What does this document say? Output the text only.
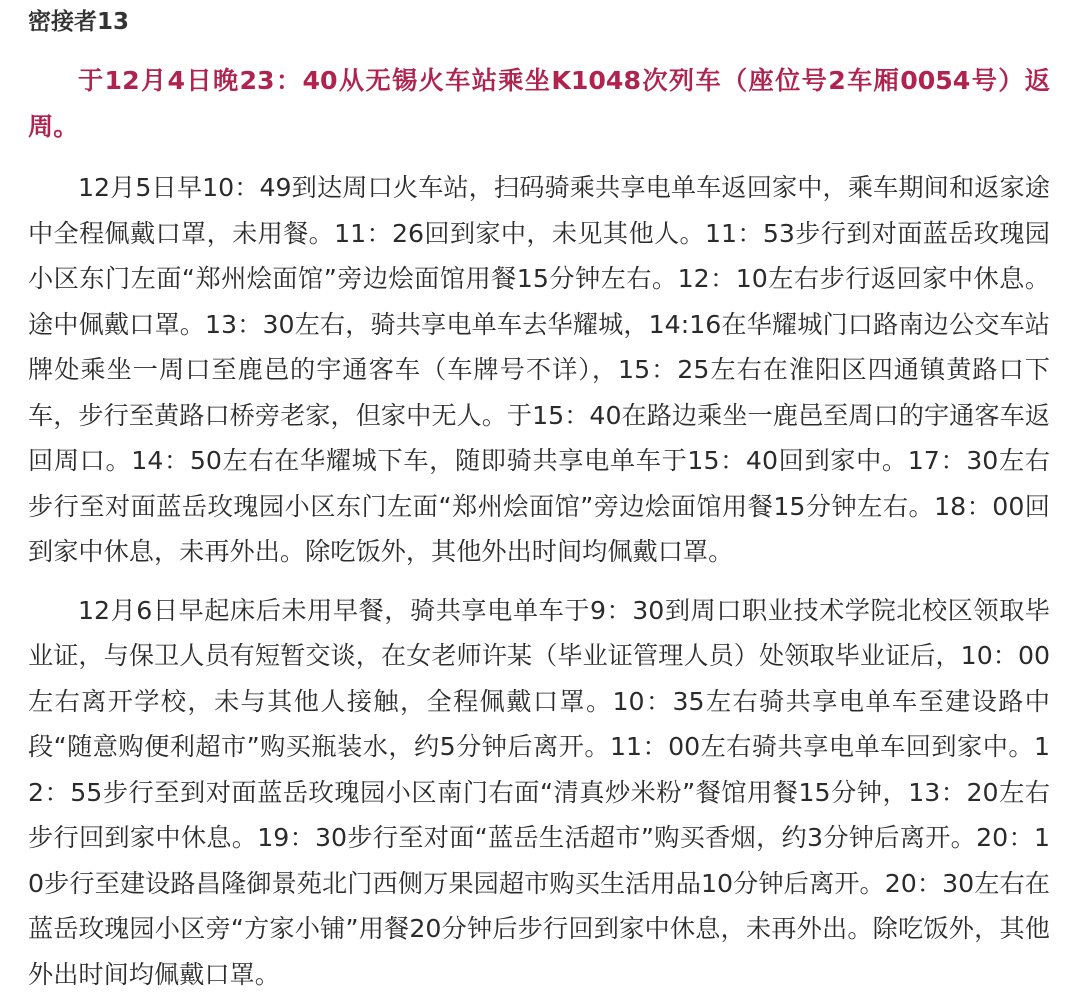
密接者13

于12月4日晚23：40从无锡火车站乘坐K1048次列车（座位号2车厢0054号）返周。

12月5日早10：49到达周口火车站，扫码骑乘共享电单车返回家中，乘车期间和返家途中全程佩戴口罩，未用餐。11：26回到家中，未见其他人。11：53步行到对面蓝岳玫瑰园小区东门左面“郑州烩面馆”旁边烩面馆用餐15分钟左右。12：10左右步行返回家中休息。途中佩戴口罩。13：30左右，骑共享电单车去华耀城，14:16在华耀城门口路南边公交车站牌处乘坐一周口至鹿邑的宇通客车（车牌号不详），15：25左右在淮阳区四通镇黄路口下车，步行至黄路口桥旁老家，但家中无人。于15：40在路边乘坐一鹿邑至周口的宇通客车返回周口。14：50左右在华耀城下车，随即骑共享电单车于15：40回到家中。17：30左右步行至对面蓝岳玫瑰园小区东门左面“郑州烩面馆”旁边烩面馆用餐15分钟左右。18：00回到家中休息，未再外出。除吃饭外，其他外出时间均佩戴口罩。

12月6日早起床后未用早餐，骑共享电单车于9：30到周口职业技术学院北校区领取毕业证，与保卫人员有短暂交谈，在女老师许某（毕业证管理人员）处领取毕业证后，10：00左右离开学校，未与其他人接触，全程佩戴口罩。10：35左右骑共享电单车至建设路中段“随意购便利超市”购买瓶装水，约5分钟后离开。11：00左右骑共享电单车回到家中。12：55步行至到对面蓝岳玫瑰园小区南门右面“清真炒米粉”餐馆用餐15分钟，13：20左右步行回到家中休息。19：30步行至对面“蓝岳生活超市”购买香烟，约3分钟后离开。20：10步行至建设路昌隆御景苑北门西侧万果园超市购买生活用品10分钟后离开。20：30左右在蓝岳玫瑰园小区旁“方家小铺”用餐20分钟后步行回到家中休息，未再外出。除吃饭外，其他外出时间均佩戴口罩。
